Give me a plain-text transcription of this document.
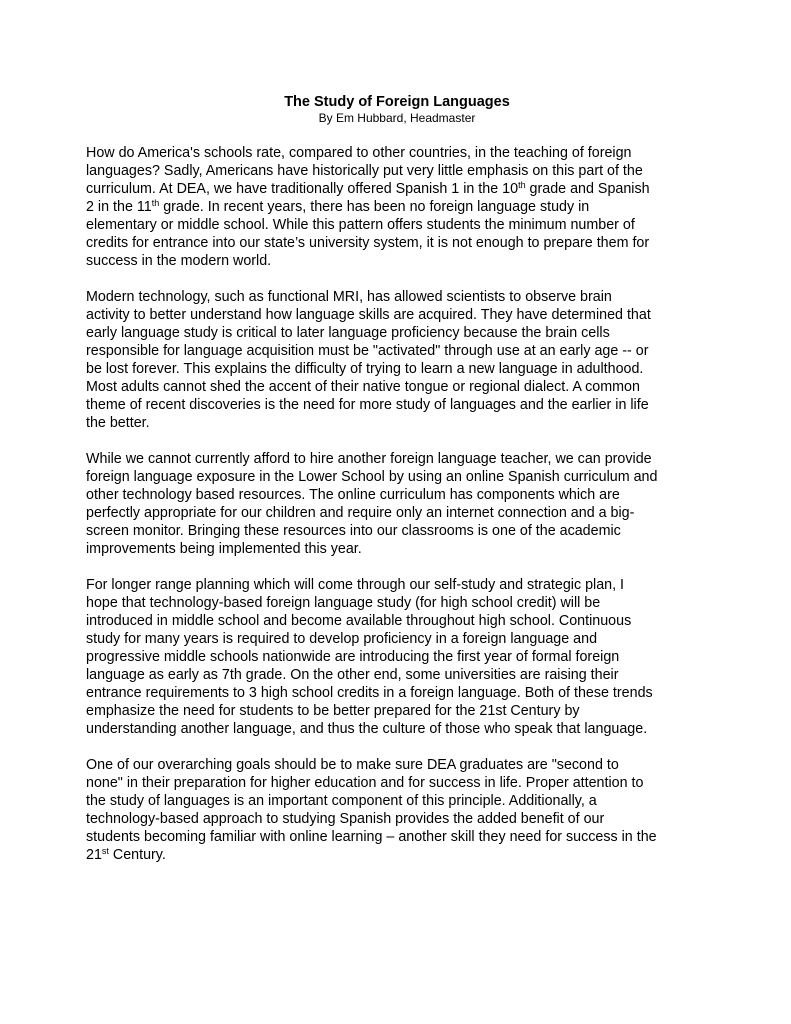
The Study of Foreign Languages

By Em Hubbard, Headmaster

How do America's schools rate, compared to other countries, in the teaching of foreign
languages? Sadly, Americans have historically put very little emphasis on this part of the
curriculum. At DEA, we have traditionally offered Spanish 1 in the 10th grade and Spanish
2 in the 11th grade. In recent years, there has been no foreign language study in
elementary or middle school. While this pattern offers students the minimum number of
credits for entrance into our state’s university system, it is not enough to prepare them for
success in the modern world.

Modern technology, such as functional MRI, has allowed scientists to observe brain
activity to better understand how language skills are acquired. They have determined that
early language study is critical to later language proficiency because the brain cells
responsible for language acquisition must be "activated" through use at an early age -- or
be lost forever. This explains the difficulty of trying to learn a new language in adulthood.
Most adults cannot shed the accent of their native tongue or regional dialect. A common
theme of recent discoveries is the need for more study of languages and the earlier in life
the better.

While we cannot currently afford to hire another foreign language teacher, we can provide
foreign language exposure in the Lower School by using an online Spanish curriculum and
other technology based resources. The online curriculum has components which are
perfectly appropriate for our children and require only an internet connection and a big-
screen monitor. Bringing these resources into our classrooms is one of the academic
improvements being implemented this year.

For longer range planning which will come through our self-study and strategic plan, I
hope that technology-based foreign language study (for high school credit) will be
introduced in middle school and become available throughout high school. Continuous
study for many years is required to develop proficiency in a foreign language and
progressive middle schools nationwide are introducing the first year of formal foreign
language as early as 7th grade. On the other end, some universities are raising their
entrance requirements to 3 high school credits in a foreign language. Both of these trends
emphasize the need for students to be better prepared for the 21st Century by
understanding another language, and thus the culture of those who speak that language.

One of our overarching goals should be to make sure DEA graduates are "second to
none" in their preparation for higher education and for success in life. Proper attention to
the study of languages is an important component of this principle. Additionally, a
technology-based approach to studying Spanish provides the added benefit of our
students becoming familiar with online learning – another skill they need for success in the
21st Century.
